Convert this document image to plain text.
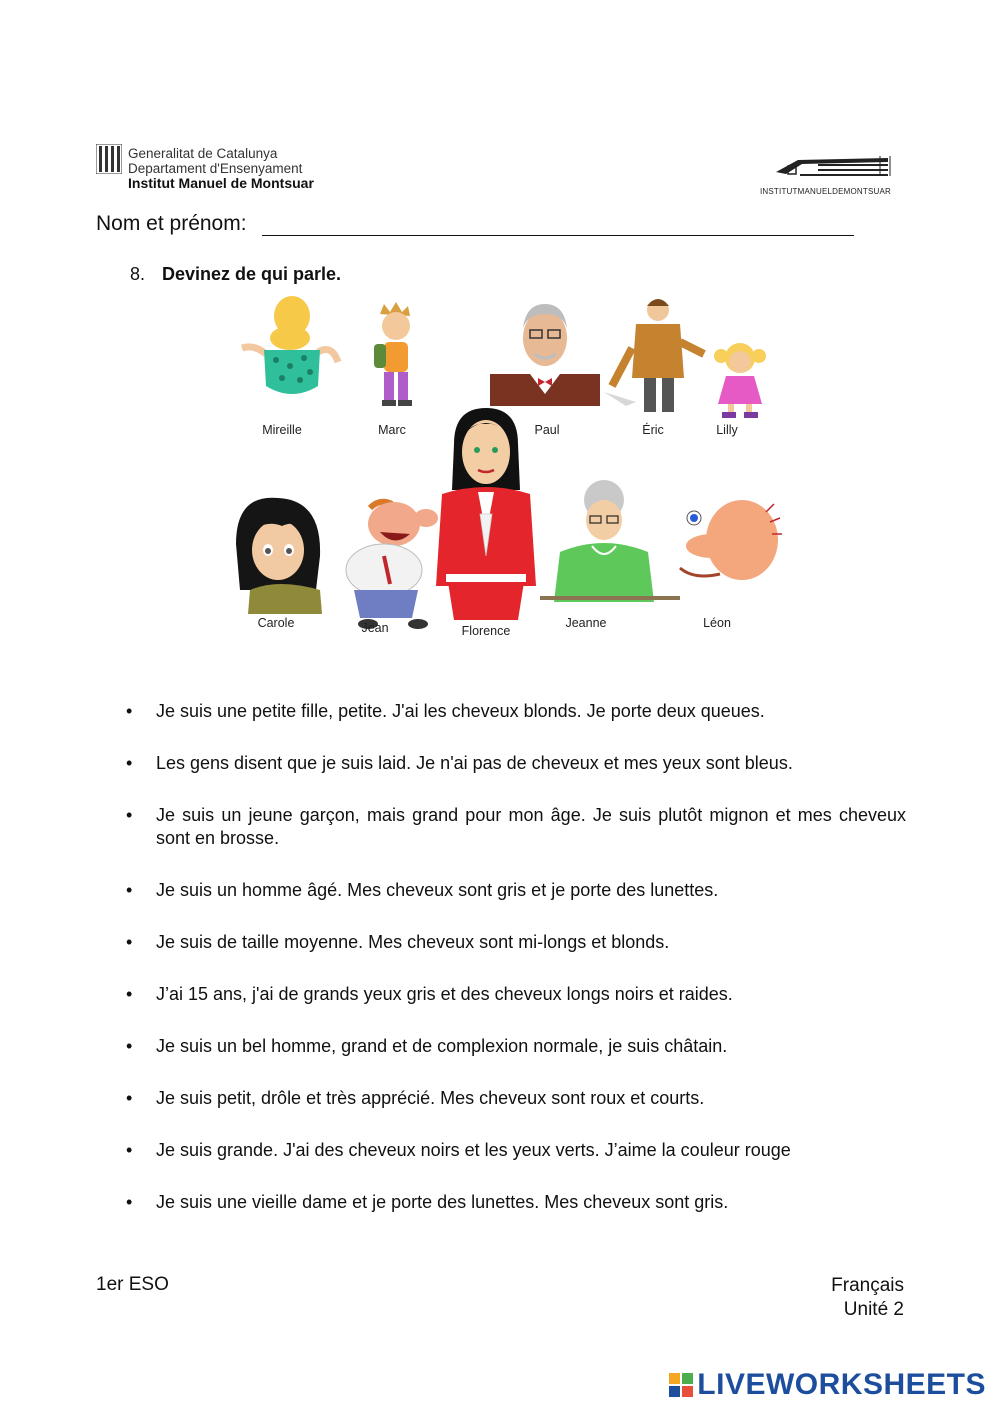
Generalitat de Catalunya
Departament d'Ensenyament
Institut Manuel de Montsuar
INSTITUTMANUELDEMONTSUAR
Nom et prénom:
8. Devinez de qui parle.
Mireille	Marc	Paul	Éric	Lilly
Carole	Jean	Florence
Jeanne	Léon
• Je suis une petite fille, petite. J'ai les cheveux blonds. Je porte deux queues.
• Les gens disent que je suis laid. Je n'ai pas de cheveux et mes yeux sont bleus.
• Je suis un jeune garçon, mais grand pour mon âge. Je suis plutôt mignon et mes cheveux sont en brosse.
• Je suis un homme âgé. Mes cheveux sont gris et je porte des lunettes.
• Je suis de taille moyenne. Mes cheveux sont mi-longs et blonds.
• J’ai 15 ans, j'ai de grands yeux gris et des cheveux longs noirs et raides.
• Je suis un bel homme, grand et de complexion normale, je suis châtain.
• Je suis petit, drôle et très apprécié. Mes cheveux sont roux et courts.
• Je suis grande. J'ai des cheveux noirs et les yeux verts. J’aime la couleur rouge
• Je suis une vieille dame et je porte des lunettes. Mes cheveux sont gris.
1er ESO	Français
Unité 2
LIVEWORKSHEETS
